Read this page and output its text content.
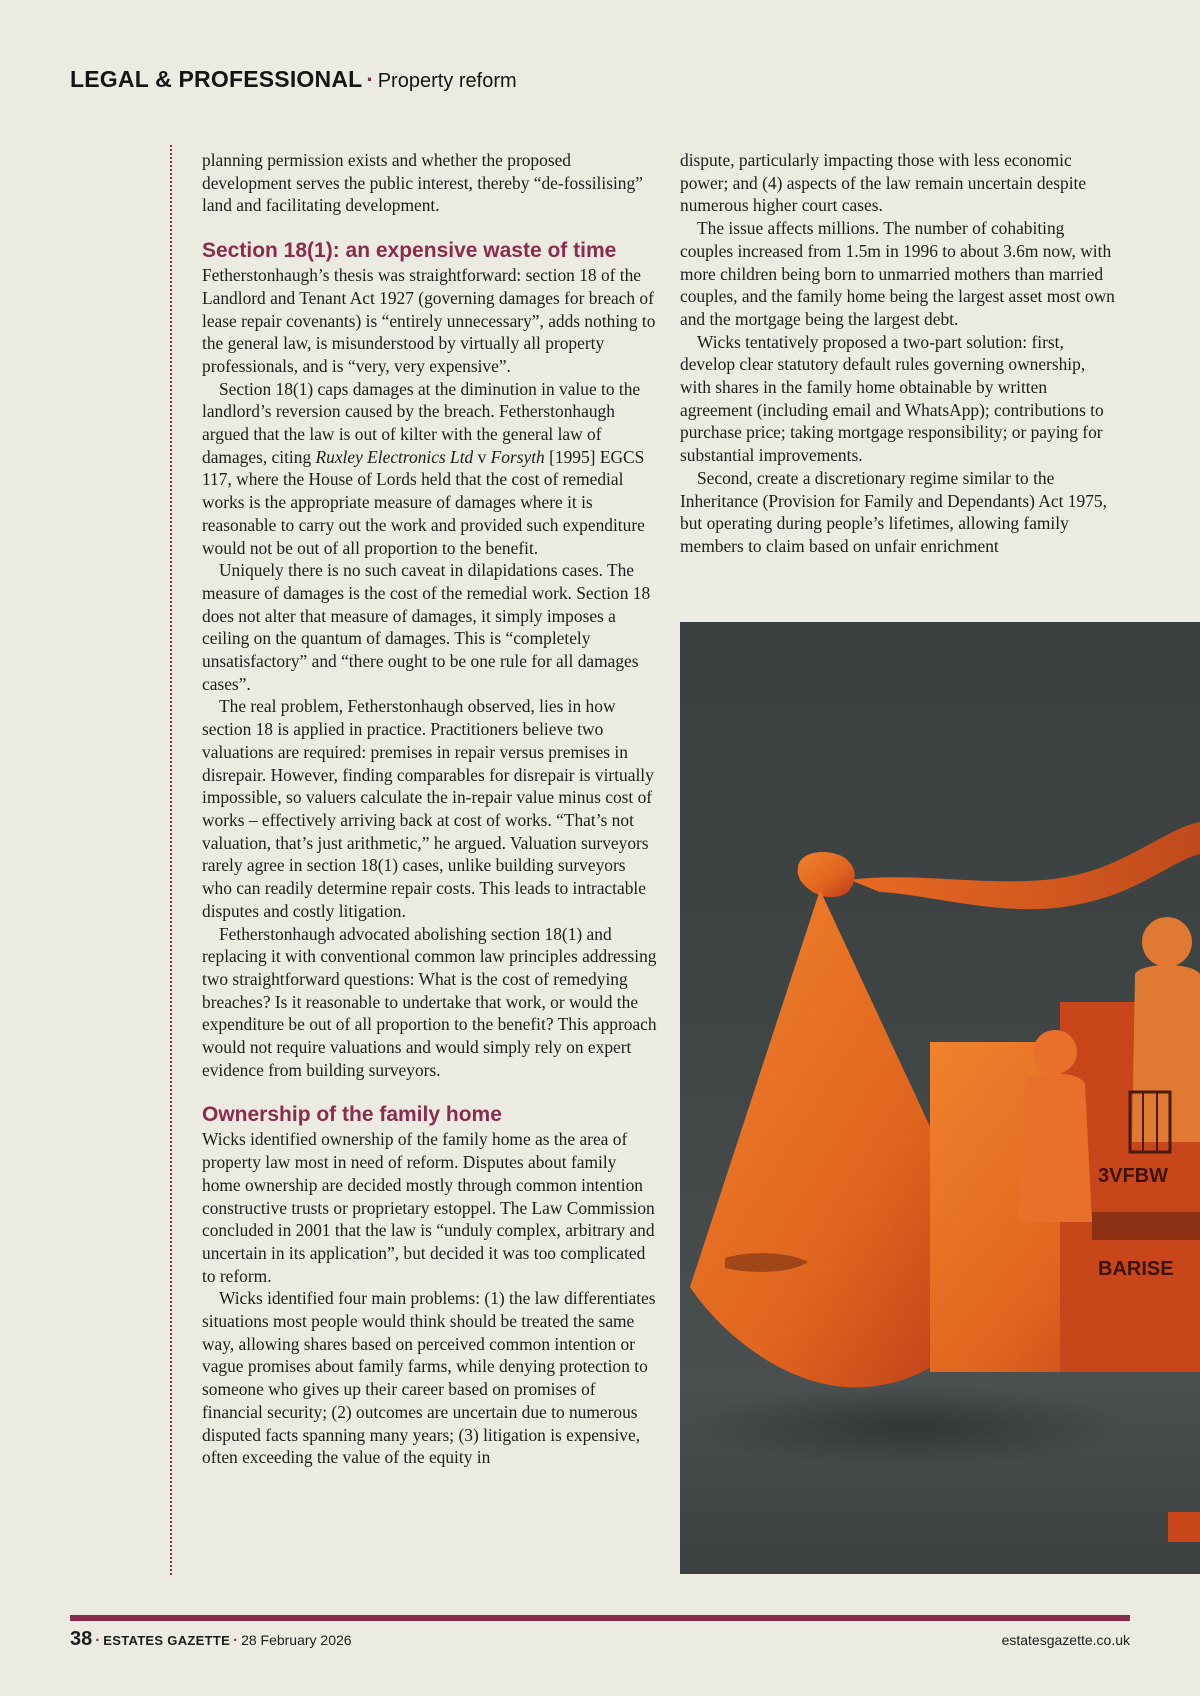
LEGAL & PROFESSIONAL · Property reform

planning permission exists and whether the proposed development serves the public interest, thereby “de-fossilising” land and facilitating development.

Section 18(1): an expensive waste of time

Fetherstonhaugh’s thesis was straightforward: section 18 of the Landlord and Tenant Act 1927 (governing damages for breach of lease repair covenants) is “entirely unnecessary”, adds nothing to the general law, is misunderstood by virtually all property professionals, and is “very, very expensive”.

Section 18(1) caps damages at the diminution in value to the landlord’s reversion caused by the breach. Fetherstonhaugh argued that the law is out of kilter with the general law of damages, citing Ruxley Electronics Ltd v Forsyth [1995] EGCS 117, where the House of Lords held that the cost of remedial works is the appropriate measure of damages where it is reasonable to carry out the work and provided such expenditure would not be out of all proportion to the benefit.

Uniquely there is no such caveat in dilapidations cases. The measure of damages is the cost of the remedial work. Section 18 does not alter that measure of damages, it simply imposes a ceiling on the quantum of damages. This is “completely unsatisfactory” and “there ought to be one rule for all damages cases”.

The real problem, Fetherstonhaugh observed, lies in how section 18 is applied in practice. Practitioners believe two valuations are required: premises in repair versus premises in disrepair. However, finding comparables for disrepair is virtually impossible, so valuers calculate the in-repair value minus cost of works – effectively arriving back at cost of works. “That’s not valuation, that’s just arithmetic,” he argued. Valuation surveyors rarely agree in section 18(1) cases, unlike building surveyors who can readily determine repair costs. This leads to intractable disputes and costly litigation.

Fetherstonhaugh advocated abolishing section 18(1) and replacing it with conventional common law principles addressing two straightforward questions: What is the cost of remedying breaches? Is it reasonable to undertake that work, or would the expenditure be out of all proportion to the benefit? This approach would not require valuations and would simply rely on expert evidence from building surveyors.

Ownership of the family home

Wicks identified ownership of the family home as the area of property law most in need of reform. Disputes about family home ownership are decided mostly through common intention constructive trusts or proprietary estoppel. The Law Commission concluded in 2001 that the law is “unduly complex, arbitrary and uncertain in its application”, but decided it was too complicated to reform.

Wicks identified four main problems: (1) the law differentiates situations most people would think should be treated the same way, allowing shares based on perceived common intention or vague promises about family farms, while denying protection to someone who gives up their career based on promises of financial security; (2) outcomes are uncertain due to numerous disputed facts spanning many years; (3) litigation is expensive, often exceeding the value of the equity in

dispute, particularly impacting those with less economic power; and (4) aspects of the law remain uncertain despite numerous higher court cases.

The issue affects millions. The number of cohabiting couples increased from 1.5m in 1996 to about 3.6m now, with more children being born to unmarried mothers than married couples, and the family home being the largest asset most own and the mortgage being the largest debt.

Wicks tentatively proposed a two-part solution: first, develop clear statutory default rules governing ownership, with shares in the family home obtainable by written agreement (including email and WhatsApp); contributions to purchase price; taking mortgage responsibility; or paying for substantial improvements.

Second, create a discretionary regime similar to the Inheritance (Provision for Family and Dependants) Act 1975, but operating during people’s lifetimes, allowing family members to claim based on unfair enrichment

3VFBW
BARISE
38 · ESTATES GAZETTE · 28 February 2026	estatesgazette.co.uk
